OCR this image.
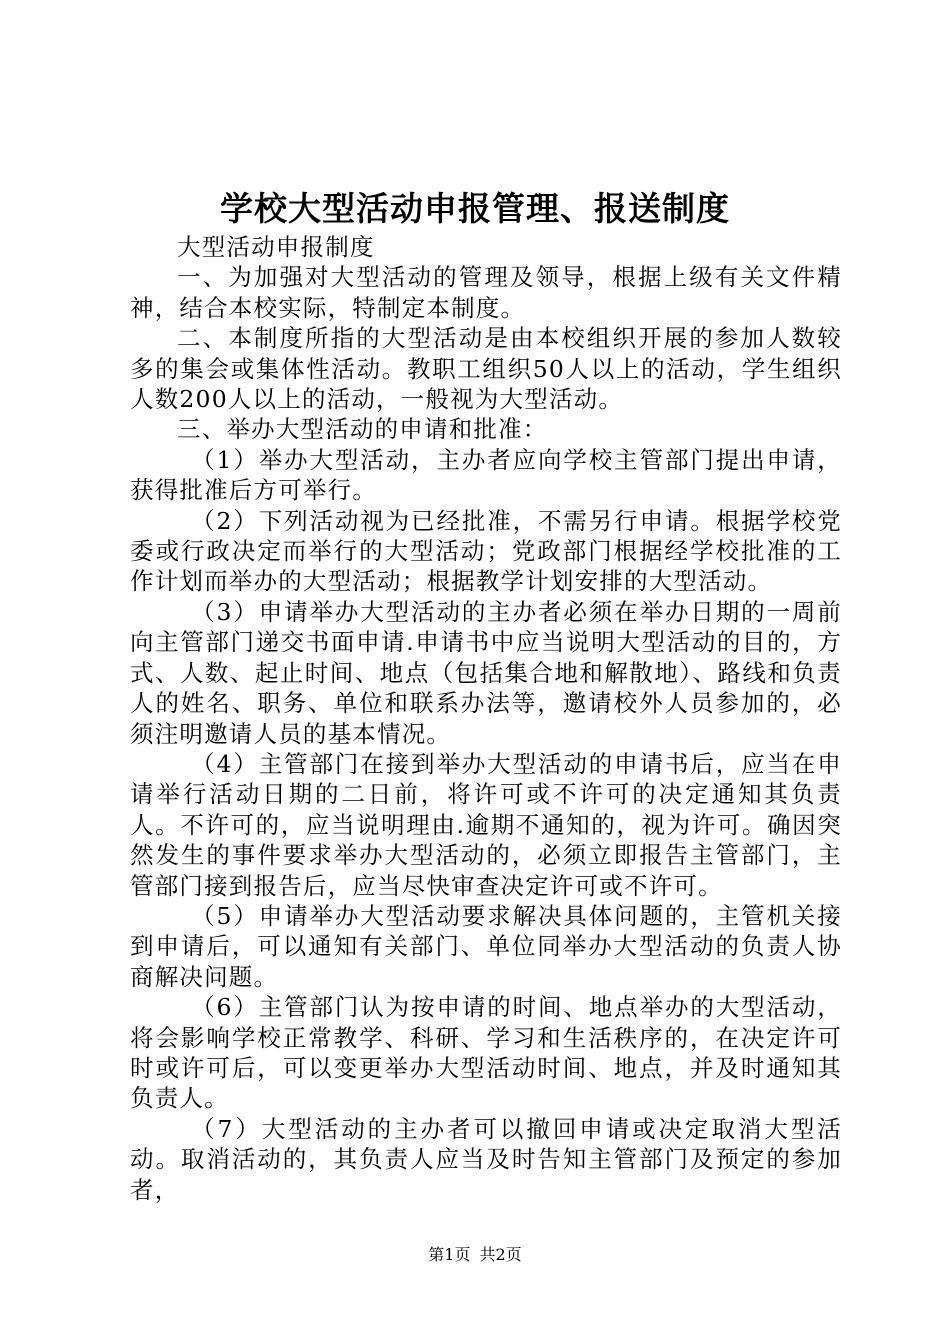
学校大型活动申报管理、报送制度

大型活动申报制度

一、为加强对大型活动的管理及领导，根据上级有关文件精神，结合本校实际，特制定本制度。

二、本制度所指的大型活动是由本校组织开展的参加人数较多的集会或集体性活动。教职工组织50人以上的活动，学生组织人数200人以上的活动，一般视为大型活动。

三、举办大型活动的申请和批准：

（1）举办大型活动，主办者应向学校主管部门提出申请，获得批准后方可举行。

（2）下列活动视为已经批准，不需另行申请。根据学校党委或行政决定而举行的大型活动；党政部门根据经学校批准的工作计划而举办的大型活动；根据教学计划安排的大型活动。

（3）申请举办大型活动的主办者必须在举办日期的一周前向主管部门递交书面申请.申请书中应当说明大型活动的目的，方式、人数、起止时间、地点（包括集合地和解散地）、路线和负责人的姓名、职务、单位和联系办法等，邀请校外人员参加的，必须注明邀请人员的基本情况。

（4）主管部门在接到举办大型活动的申请书后，应当在申请举行活动日期的二日前，将许可或不许可的决定通知其负责人。不许可的，应当说明理由.逾期不通知的，视为许可。确因突然发生的事件要求举办大型活动的，必须立即报告主管部门，主管部门接到报告后，应当尽快审查决定许可或不许可。

（5）申请举办大型活动要求解决具体问题的，主管机关接到申请后，可以通知有关部门、单位同举办大型活动的负责人协商解决问题。

（6）主管部门认为按申请的时间、地点举办的大型活动，将会影响学校正常教学、科研、学习和生活秩序的，在决定许可时或许可后，可以变更举办大型活动时间、地点，并及时通知其负责人。

（7）大型活动的主办者可以撤回申请或决定取消大型活动。取消活动的，其负责人应当及时告知主管部门及预定的参加者，

第1页 共2页
